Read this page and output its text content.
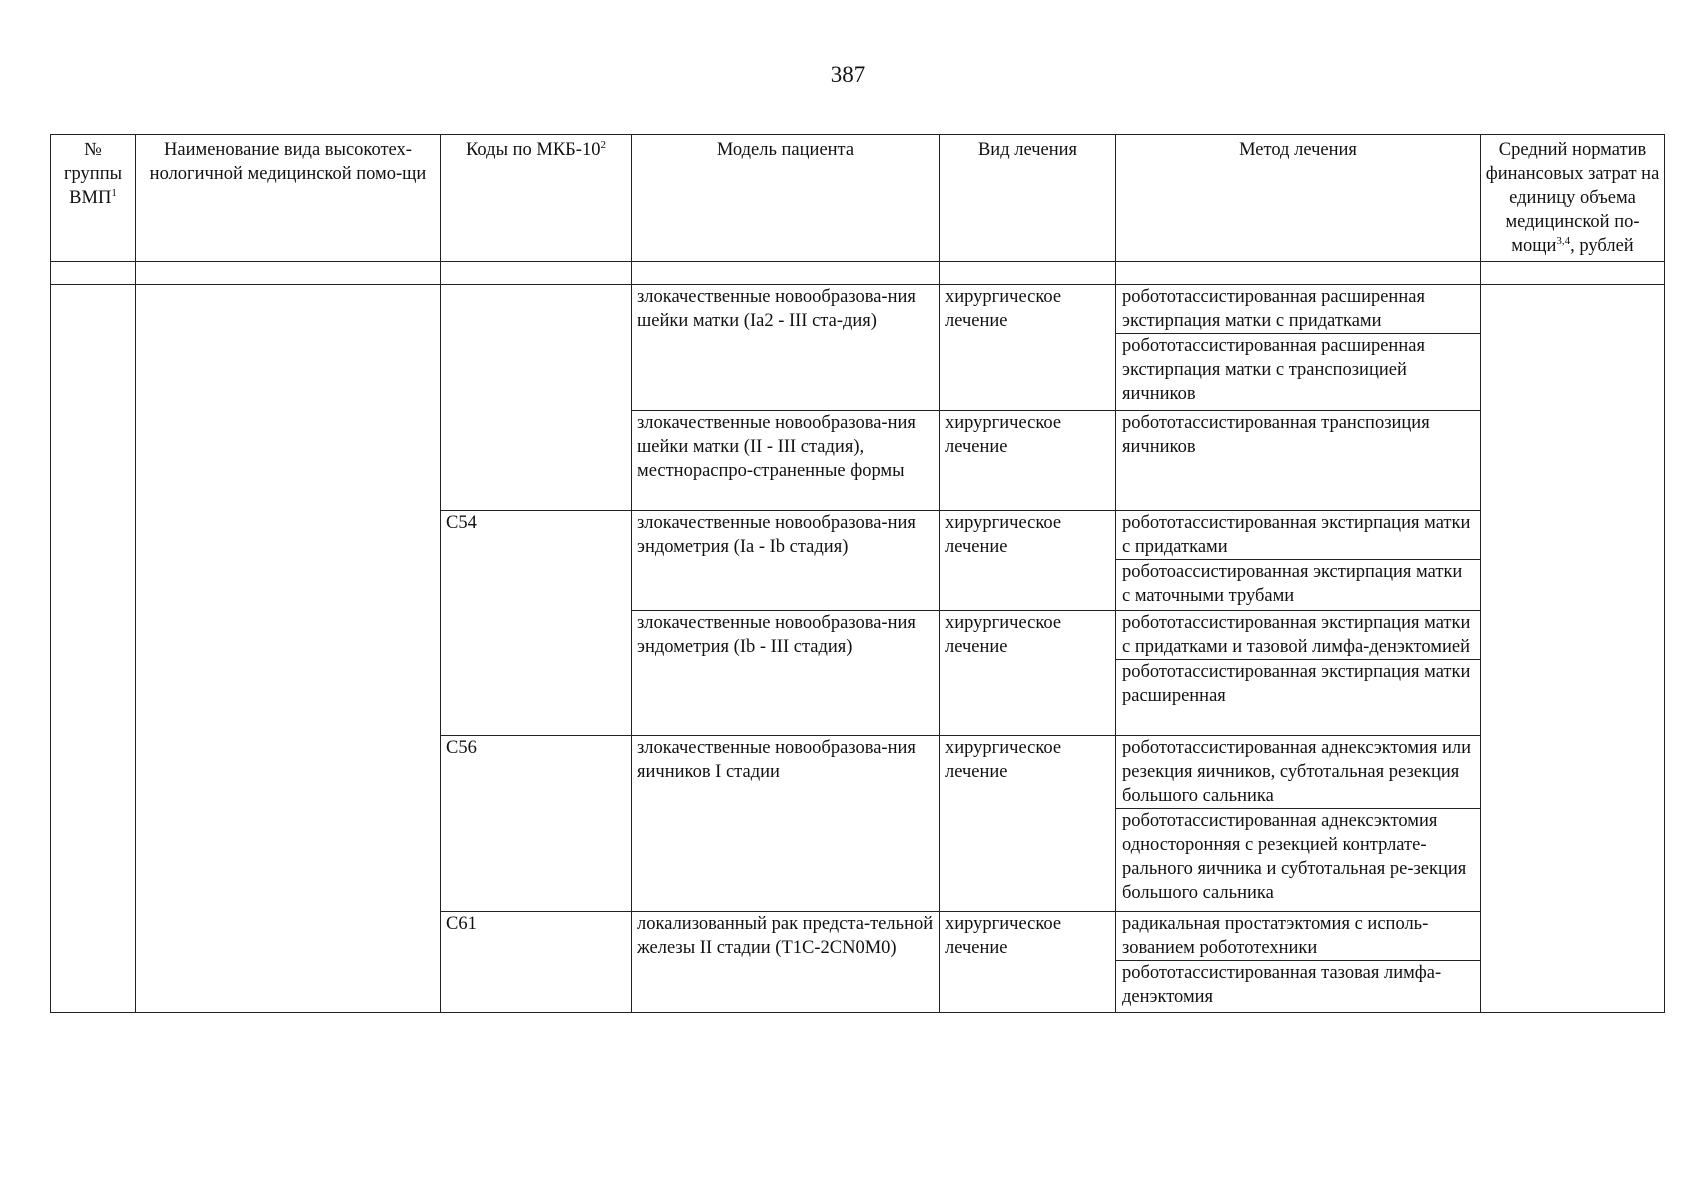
387
№ группы ВМП$^1$	Наименование вида высокотех-нологичной медицинской помо-щи	Коды по МКБ-$10^2$	Модель пациента	Вид лечения	Метод лечения	Средний норматив финансовых затрат на единицу объема медицинской по-мощи$^{3,4}$, рублей

			злокачественные новообразова-ния шейки матки (Ia2 - III ста-дия)	хирургическое лечение	робототассистированная расширенная экстирпация матки с придатками
робототассистированная расширенная экстирпация матки с транспозицией яичников	

			злокачественные новообразова-ния шейки матки (II - III стадия), местнораспро-страненные формы	хирургическое лечение	робототассистированная транспозиция яичников	

		C54	злокачественные новообразова-ния эндометрия (Ia - Ib стадия)	хирургическое лечение	робототассистированная экстирпация матки с придатками
роботоассистированная экстирпация матки с маточными трубами	

			злокачественные новообразова-ния эндометрия (Ib - III стадия)	хирургическое лечение	робототассистированная экстирпация матки с придатками и тазовой лимфа-денэктомией
робототассистированная экстирпация матки расширенная	

		C56	злокачественные новообразова-ния яичников I стадии	хирургическое лечение	робототассистированная аднексэктомия или резекция яичников, субтотальная резекция большого сальника
робототассистированная аднексэктомия односторонняя с резекцией контрлате-рального яичника и субтотальная ре-зекция большого сальника	

		C61	локализованный рак предста-тельной железы II стадии (T1C-2CN0M0)	хирургическое лечение	радикальная простатэктомия с исполь-зованием робототехники
робототассистированная тазовая лимфа-денэктомия	
